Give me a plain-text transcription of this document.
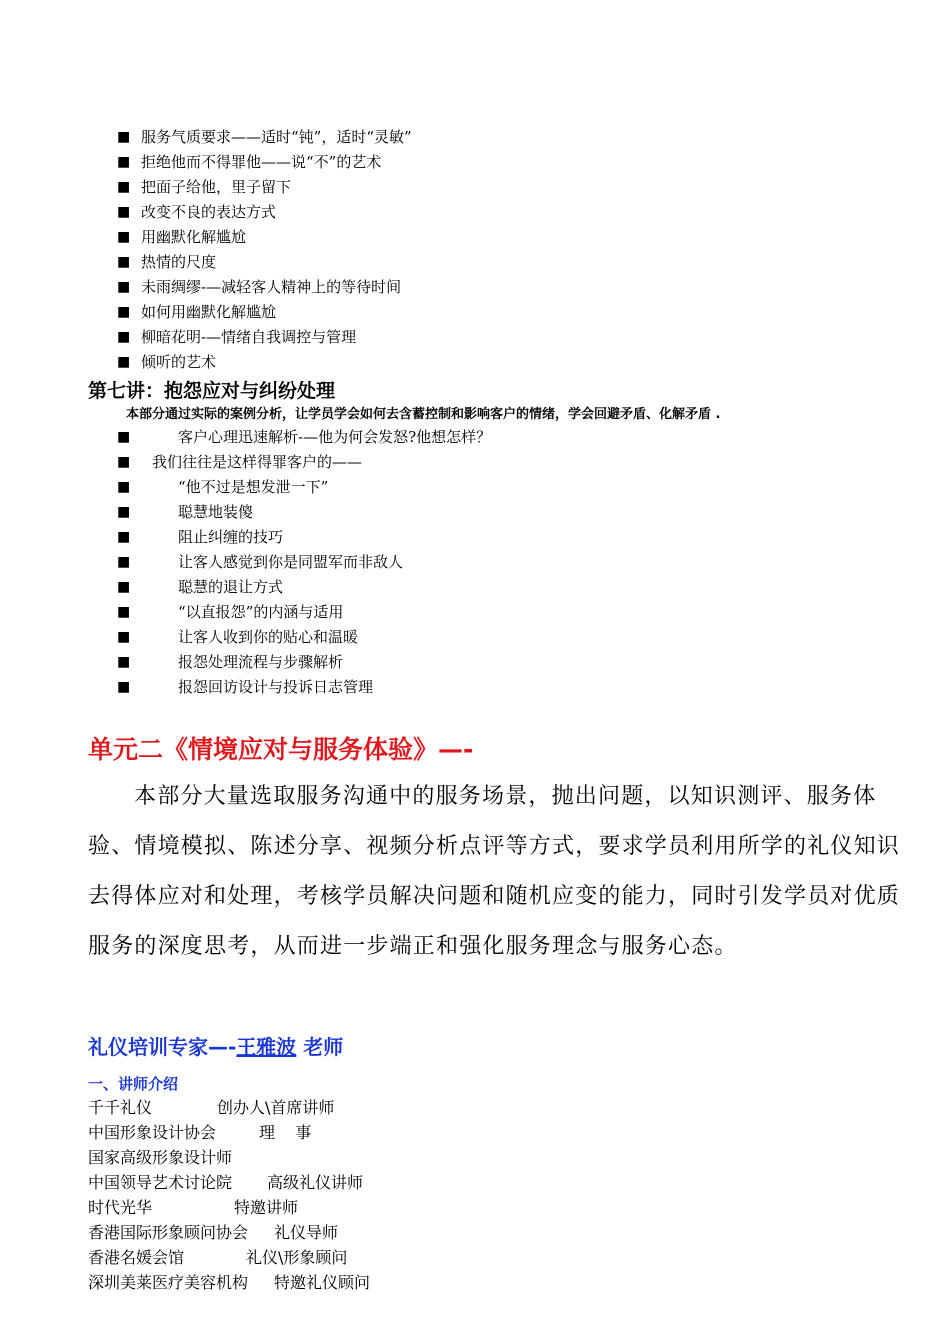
■ 服务气质要求——适时“钝”，适时“灵敏”
■ 拒绝他而不得罪他——说“不”的艺术
■ 把面子给他，里子留下
■ 改变不良的表达方式
■ 用幽默化解尴尬
■ 热情的尺度
■ 未雨绸缪-—减轻客人精神上的等待时间
■ 如何用幽默化解尴尬
■ 柳暗花明-—情绪自我调控与管理
■ 倾听的艺术
第七讲：抱怨应对与纠纷处理
本部分通过实际的案例分析，让学员学会如何去含蓄控制和影响客户的情绪，学会回避矛盾、化解矛盾 .
■	客户心理迅速解析-—他为何会发怒?他想怎样？
■ 我们往往是这样得罪客户的——
■	“他不过是想发泄一下”
■	聪慧地装傻
■	阻止纠缠的技巧
■	让客人感觉到你是同盟军而非敌人
■	聪慧的退让方式
■	“以直报怨”的内涵与适用
■	让客人收到你的贴心和温暖
■	报怨处理流程与步骤解析
■	报怨回访设计与投诉日志管理
单元二《情境应对与服务体验》—-

本部分大量选取服务沟通中的服务场景，抛出问题，以知识测评、服务体验、情境模拟、陈述分享、视频分析点评等方式，要求学员利用所学的礼仪知识去得体应对和处理，考核学员解决问题和随机应变的能力，同时引发学员对优质服务的深度思考，从而进一步端正和强化服务理念与服务心态。

礼仪培训专家—-王雅波 老师
一、讲师介绍
千千礼仪	创办人\首席讲师
中国形象设计协会	理    事
国家高级形象设计师
中国领导艺术讨论院 高级礼仪讲师
时代光华	特邀讲师
香港国际形象顾问协会 礼仪导师
香港名媛会馆	礼仪\形象顾问
深圳美莱医疗美容机构 特邀礼仪顾问
